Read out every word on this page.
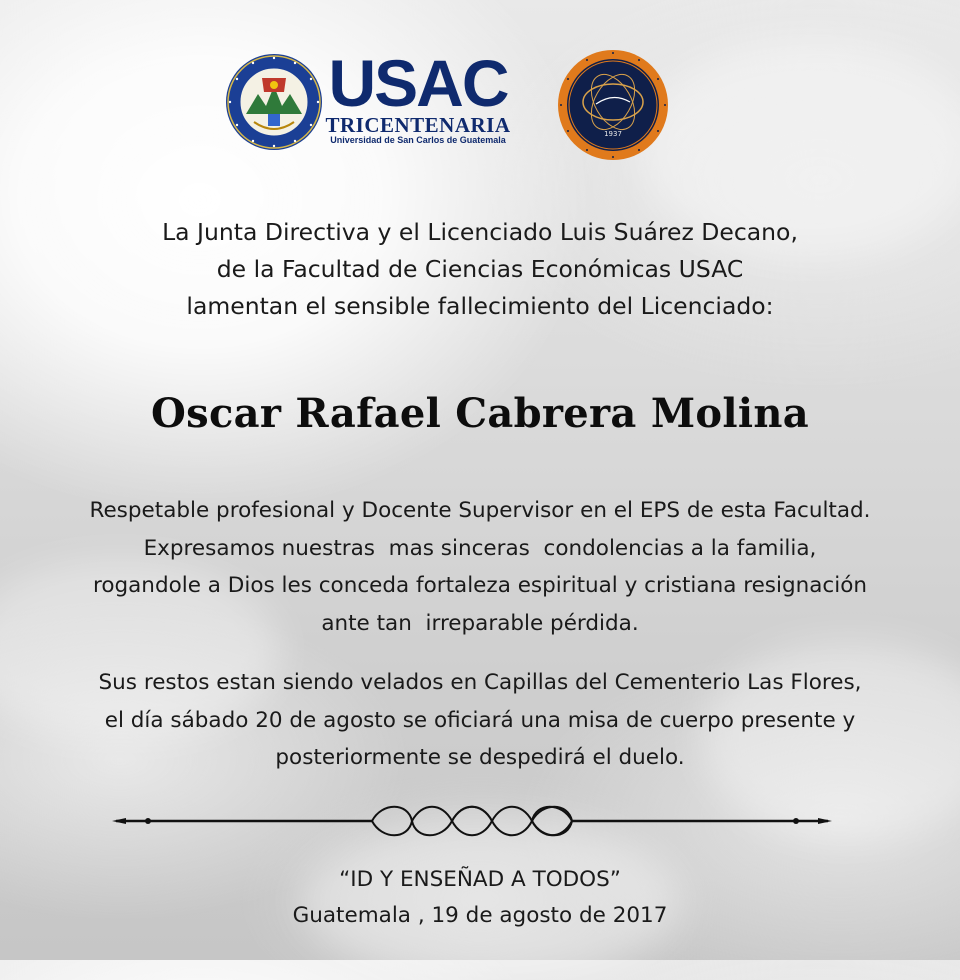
USAC
TRICENTENARIA
Universidad de San Carlos de Guatemala
1937
La Junta Directiva y el Licenciado Luis Suárez Decano,
de la Facultad de Ciencias Económicas USAC
lamentan el sensible fallecimiento del Licenciado:
Oscar Rafael Cabrera Molina
Respetable profesional y Docente Supervisor en el EPS de esta Facultad.
Expresamos nuestras  mas sinceras  condolencias a la familia,
rogandole a Dios les conceda fortaleza espiritual y cristiana resignación
ante tan  irreparable pérdida.
Sus restos estan siendo velados en Capillas del Cementerio Las Flores,
el día sábado 20 de agosto se oficiará una misa de cuerpo presente y
posteriormente se despedirá el duelo.
“ID Y ENSEÑAD A TODOS”
Guatemala , 19 de agosto de 2017
